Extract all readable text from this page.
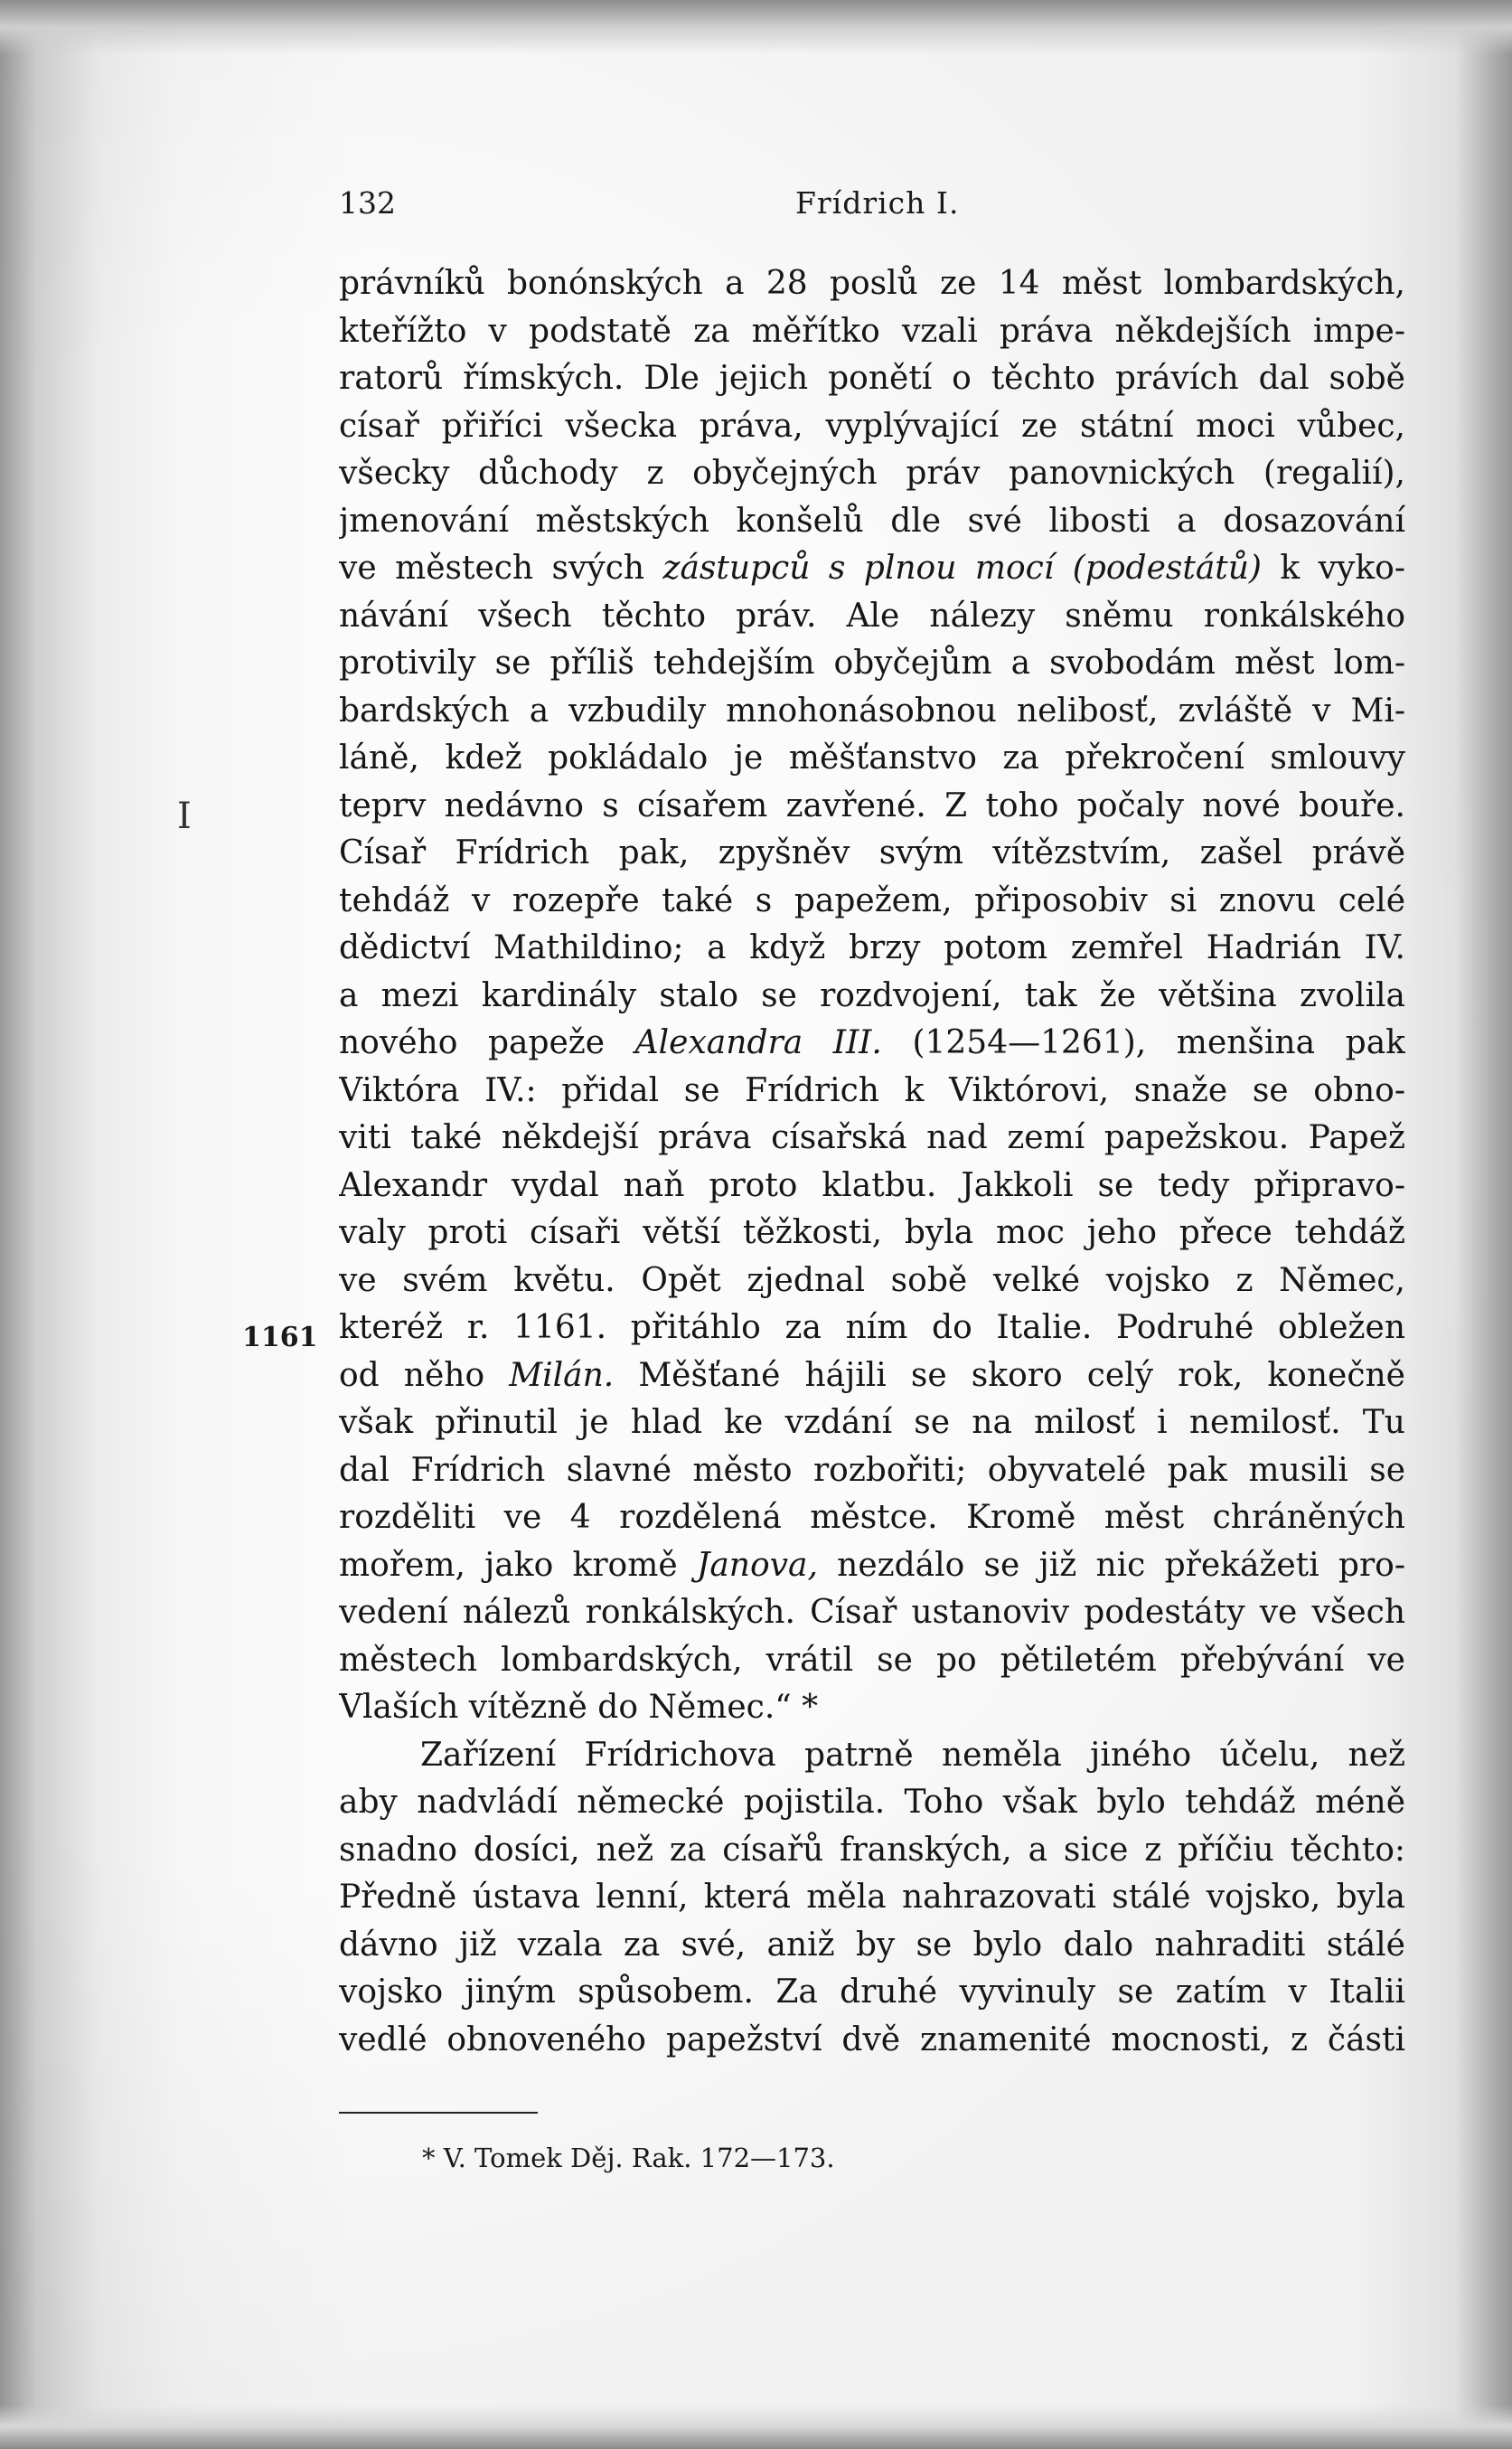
132	Frídrich I.
I
1161
právníků bonónských a 28 poslů ze 14 měst lombardských,
kteřížto v podstatě za měřítko vzali práva někdejších impe-
ratorů římských. Dle jejich ponětí o těchto právích dal sobě
císař přiříci všecka práva, vyplývající ze státní moci vůbec,
všecky důchody z obyčejných práv panovnických (regalií),
jmenování městských konšelů dle své libosti a dosazování
ve městech svých zástupců s plnou mocí (podestátů) k vyko-
návání všech těchto práv. Ale nálezy sněmu ronkálského
protivily se příliš tehdejším obyčejům a svobodám měst lom-
bardských a vzbudily mnohonásobnou nelibosť, zvláště v Mi-
láně, kdež pokládalo je měšťanstvo za překročení smlouvy
teprv nedávno s císařem zavřené. Z toho počaly nové bouře.
Císař Frídrich pak, zpyšněv svým vítězstvím, zašel právě
tehdáž v rozepře také s papežem, připosobiv si znovu celé
dědictví Mathildino; a když brzy potom zemřel Hadrián IV.
a mezi kardinály stalo se rozdvojení, tak že většina zvolila
nového papeže Alexandra III. (1254—1261), menšina pak
Viktóra IV.: přidal se Frídrich k Viktórovi, snaže se obno-
viti také někdejší práva císařská nad zemí papežskou. Papež
Alexandr vydal naň proto klatbu. Jakkoli se tedy připravo-
valy proti císaři větší těžkosti, byla moc jeho přece tehdáž
ve svém květu. Opět zjednal sobě velké vojsko z Němec,
kteréž r. 1161. přitáhlo za ním do Italie. Podruhé obležen
od něho Milán. Měšťané hájili se skoro celý rok, konečně
však přinutil je hlad ke vzdání se na milosť i nemilosť. Tu
dal Frídrich slavné město rozbořiti; obyvatelé pak musili se
rozděliti ve 4 rozdělená městce. Kromě měst chráněných
mořem, jako kromě Janova, nezdálo se již nic překážeti pro-
vedení nálezů ronkálských. Císař ustanoviv podestáty ve všech
městech lombardských, vrátil se po pětiletém přebývání ve
Vlaších vítězně do Němec.“ *
Zařízení Frídrichova patrně neměla jiného účelu, než
aby nadvládí německé pojistila. Toho však bylo tehdáž méně
snadno dosíci, než za císařů franských, a sice z příčiu těchto:
Předně ústava lenní, která měla nahrazovati stálé vojsko, byla
dávno již vzala za své, aniž by se bylo dalo nahraditi stálé
vojsko jiným spůsobem. Za druhé vyvinuly se zatím v Italii
vedlé obnoveného papežství dvě znamenité mocnosti, z části
* V. Tomek Děj. Rak. 172—173.
